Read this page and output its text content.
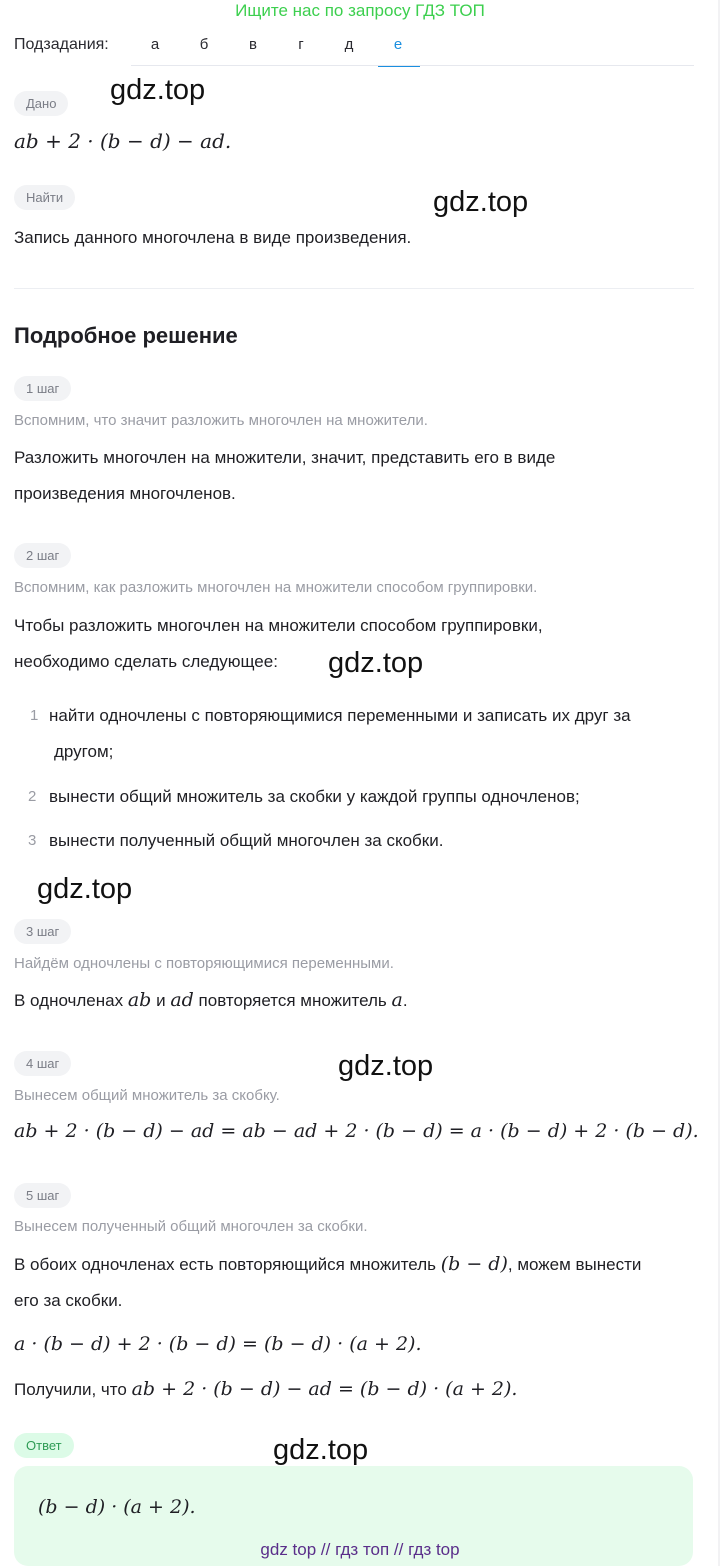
Ищите нас по запросу ГДЗ ТОП
Подзадания:	а	б	в	г	д	е
Дано	gdz.top
ab + 2 · (b − d) − ad.
Найти	gdz.top
Запись данного многочлена в виде произведения.
Подробное решение
1 шаг
Вспомним, что значит разложить многочлен на множители.
Разложить многочлен на множители, значит, представить его в виде
произведения многочленов.
2 шаг
Вспомним, как разложить многочлен на множители способом группировки.
Чтобы разложить многочлен на множители способом группировки,
необходимо сделать следующее: gdz.top
1 найти одночлены с повторяющимися переменными и записать их друг за
другом;
2 вынести общий множитель за скобки у каждой группы одночленов;
3 вынести полученный общий многочлен за скобки.
gdz.top
3 шаг
Найдём одночлены с повторяющимися переменными.
В одночленах ab и ad повторяется множитель a.
4 шаг	gdz.top
Вынесем общий множитель за скобку.
ab + 2 · (b − d) − ad = ab − ad + 2 · (b − d) = a · (b − d) + 2 · (b − d).
5 шаг
Вынесем полученный общий многочлен за скобки.
В обоих одночленах есть повторяющийся множитель (b − d), можем вынести
его за скобки.
a · (b − d) + 2 · (b − d) = (b − d) · (a + 2).
Получили, что ab + 2 · (b − d) − ad = (b − d) · (a + 2).
Ответ	gdz.top
(b − d) · (a + 2).
gdz top // гдз топ // гдз top
